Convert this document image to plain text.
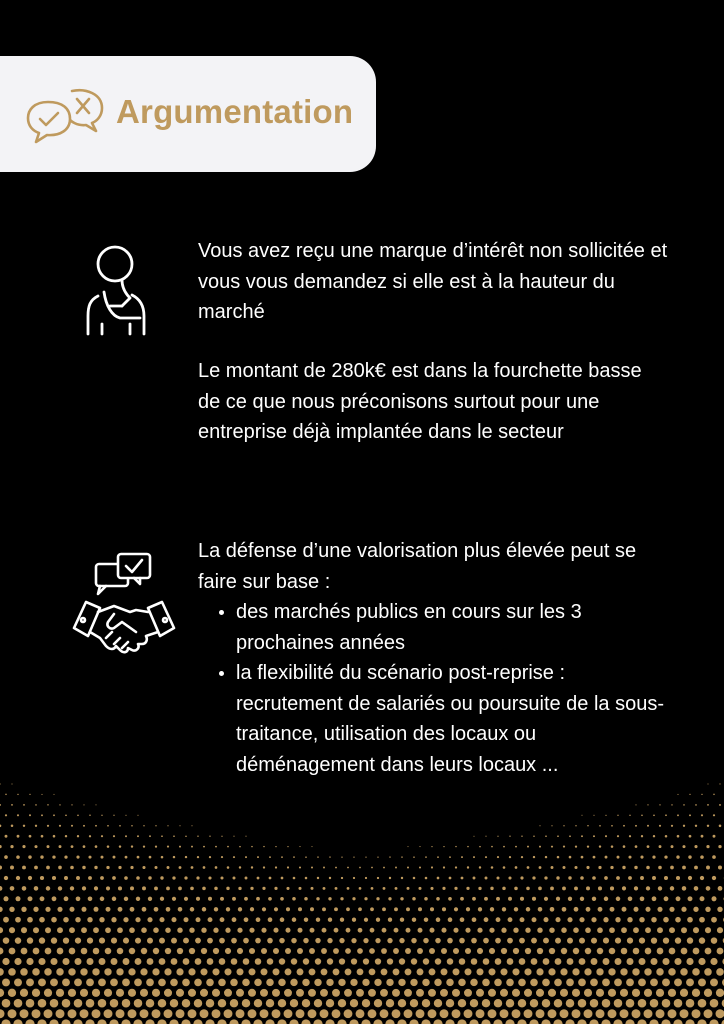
Argumentation

Vous avez reçu une marque d’intérêt non sollicitée et vous vous demandez si elle est à la hauteur du marché

Le montant de 280k€ est dans la fourchette basse de ce que nous préconisons surtout pour une entreprise déjà implantée dans le secteur

La défense d’une valorisation plus élevée peut se faire sur base :

• des marchés publics en cours sur les 3 prochaines années
• la flexibilité du scénario post-reprise : recrutement de salariés ou poursuite de la sous-traitance, utilisation des locaux ou déménagement dans leurs locaux ...
